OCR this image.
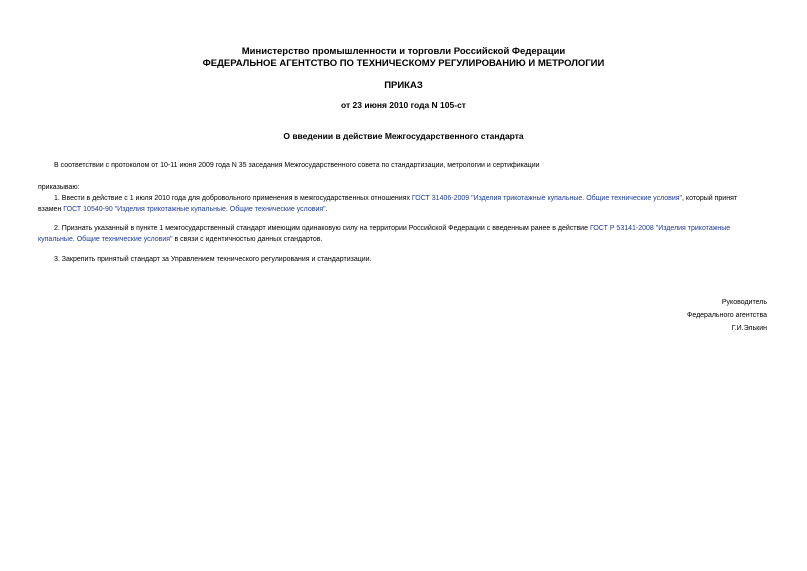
Министерство промышленности и торговли Российской Федерации
ФЕДЕРАЛЬНОЕ АГЕНТСТВО ПО ТЕХНИЧЕСКОМУ РЕГУЛИРОВАНИЮ И МЕТРОЛОГИИ
ПРИКАЗ
от 23 июня 2010 года N 105-ст
О введении в действие Межгосударственного стандарта
В соответствии с протоколом от 10-11 июня 2009 года N 35 заседания Межгосударственного совета по стандартизации, метрологии и сертификации
приказываю:
1. Ввести в действие с 1 июля 2010 года для добровольного применения в межгосударственных отношениях ГОСТ 31406-2009 "Изделия трикотажные купальные. Общие технические условия", который принят
взамен ГОСТ 10540-90 "Изделия трикотажные купальные. Общие технические условия".
2. Признать указанный в пункте 1 межгосударственный стандарт имеющим одинаковую силу на территории Российской Федерации с введенным ранее в действие ГОСТ Р 53141-2008 "Изделия трикотажные
купальные. Общие технические условия" в связи с идентичностью данных стандартов.
3. Закрепить принятый стандарт за Управлением технического регулирования и стандартизации.
Руководитель
Федерального агентства
Г.И.Элькин
